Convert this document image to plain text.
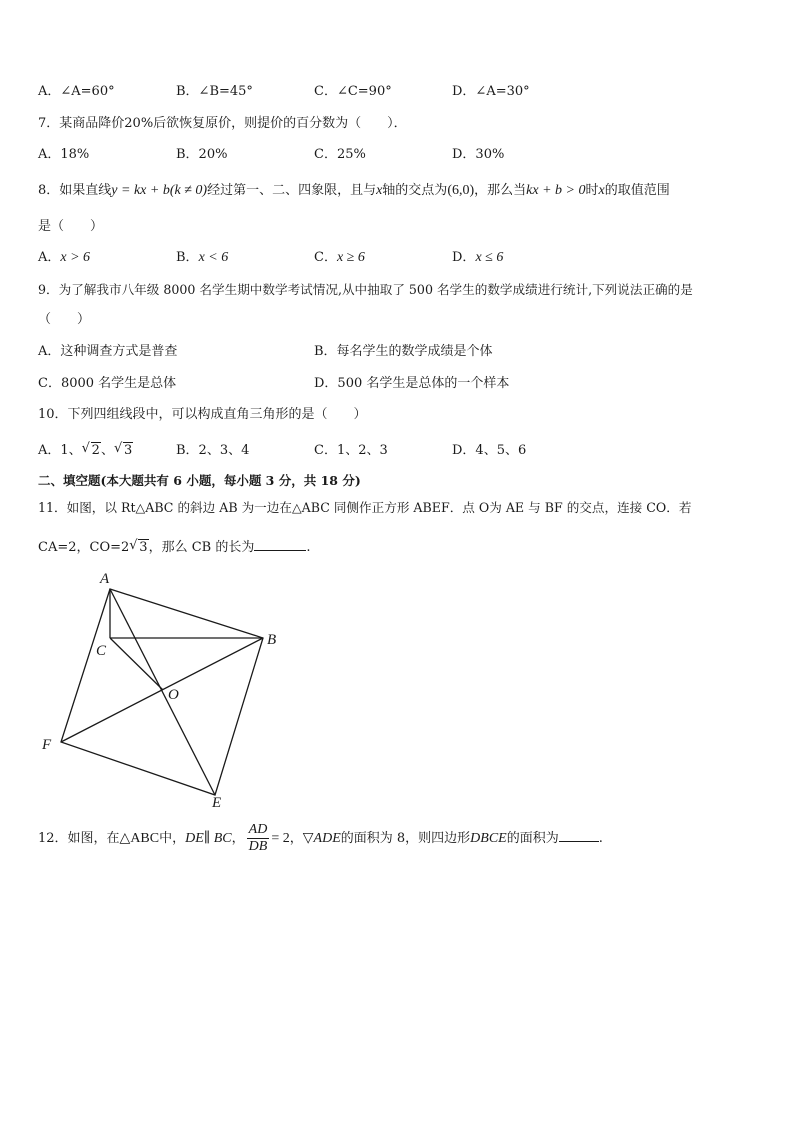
A．∠A=60°	B．∠B=45°	C．∠C=90°	D．∠A=30°
7．某商品降价20%后欲恢复原价，则提价的百分数为（　　）．
A．18%	B．20%	C．25%	D．30%
8．如果直线y = kx + b(k ≠ 0)经过第一、二、四象限，且与x轴的交点为(6,0)，那么当kx + b > 0时x的取值范围
是（　　）
A．x > 6	B．x < 6	C．x ≥ 6	D．x ≤ 6
9．为了解我市八年级 8000 名学生期中数学考试情况,从中抽取了 500 名学生的数学成绩进行统计,下列说法正确的是
（　　）
A．这种调查方式是普查	B．每名学生的数学成绩是个体
C．8000 名学生是总体	D．500 名学生是总体的一个样本
10．下列四组线段中，可以构成直角三角形的是（　　）
A．1、 √ 2、 √ 3	B．2、3、4	C．1、2、3	D．4、5、6
二、填空题(本大题共有 6 小题，每小题 3 分，共 18 分)
11．如图，以 Rt△ABC 的斜边 AB 为一边在△ABC 同侧作正方形 ABEF．点 O为 AE 与 BF 的交点，连接 CO．若
CA=2，CO=2 √ 3，那么 CB 的长为	.
A
B
C
O
F
E
12．如图，在△ABC中，DE∥ BC， $\frac{AD}{DB} = 2$，▽ADE的面积为 8，则四边形DBCE的面积为	.
